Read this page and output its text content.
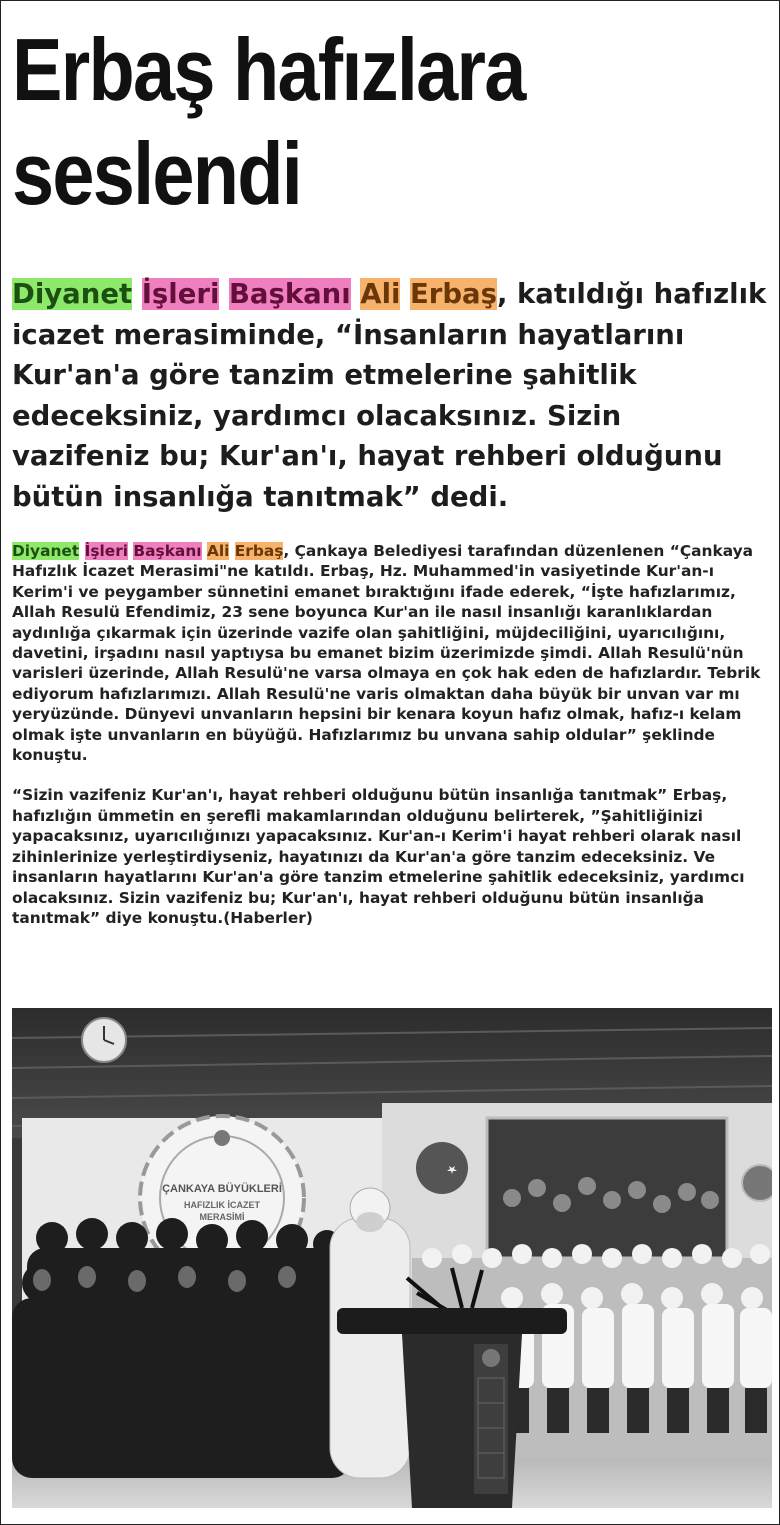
Erbaş hafızlara
seslendi

Diyanet İşleri Başkanı Ali Erbaş, katıldığı hafızlık icazet merasiminde, “İnsanların hayatlarını Kur'an'a göre tanzim etmelerine şahitlik edeceksiniz, yardımcı olacaksınız. Sizin vazifeniz bu; Kur'an'ı, hayat rehberi olduğunu bütün insanlığa tanıtmak” dedi.

Diyanet İşleri Başkanı Ali Erbaş, Çankaya Belediyesi tarafından düzenlenen “Çankaya Hafızlık İcazet Merasimi"ne katıldı. Erbaş, Hz. Muhammed'in vasiyetinde Kur'an-ı Kerim'i ve peygamber sünnetini emanet bıraktığını ifade ederek, “İşte hafızlarımız, Allah Resulü Efendimiz, 23 sene boyunca Kur'an ile nasıl insanlığı karanlıklardan aydınlığa çıkarmak için üzerinde vazife olan şahitliğini, müjdeciliğini, uyarıcılığını, davetini, irşadını nasıl yaptıysa bu emanet bizim üzerimizde şimdi. Allah Resulü'nün varisleri üzerinde, Allah Resulü'ne varsa olmaya en çok hak eden de hafızlardır. Tebrik ediyorum hafızlarımızı. Allah Resulü'ne varis olmaktan daha büyük bir unvan var mı yeryüzünde. Dünyevi unvanların hepsini bir kenara koyun hafız olmak, hafız-ı kelam olmak işte unvanların en büyüğü. Hafızlarımız bu unvana sahip oldular” şeklinde konuştu.

“Sizin vazifeniz Kur'an'ı, hayat rehberi olduğunu bütün insanlığa tanıtmak” Erbaş, hafızlığın ümmetin en şerefli makamlarından olduğunu belirterek, ”Şahitliğinizi yapacaksınız, uyarıcılığınızı yapacaksınız. Kur'an-ı Kerim'i hayat rehberi olarak nasıl zihinlerinize yerleştirdiyseniz, hayatınızı da Kur'an'a göre tanzim edeceksiniz. Ve insanların hayatlarını Kur'an'a göre tanzim etmelerine şahitlik edeceksiniz, yardımcı olacaksınız. Sizin vazifeniz bu; Kur'an'ı, hayat rehberi olduğunu bütün insanlığa tanıtmak” diye konuştu.(Haberler)

ÇANKAYA BÜYÜKLERİ
HAFIZLIK İCAZET
MERASİMİ
